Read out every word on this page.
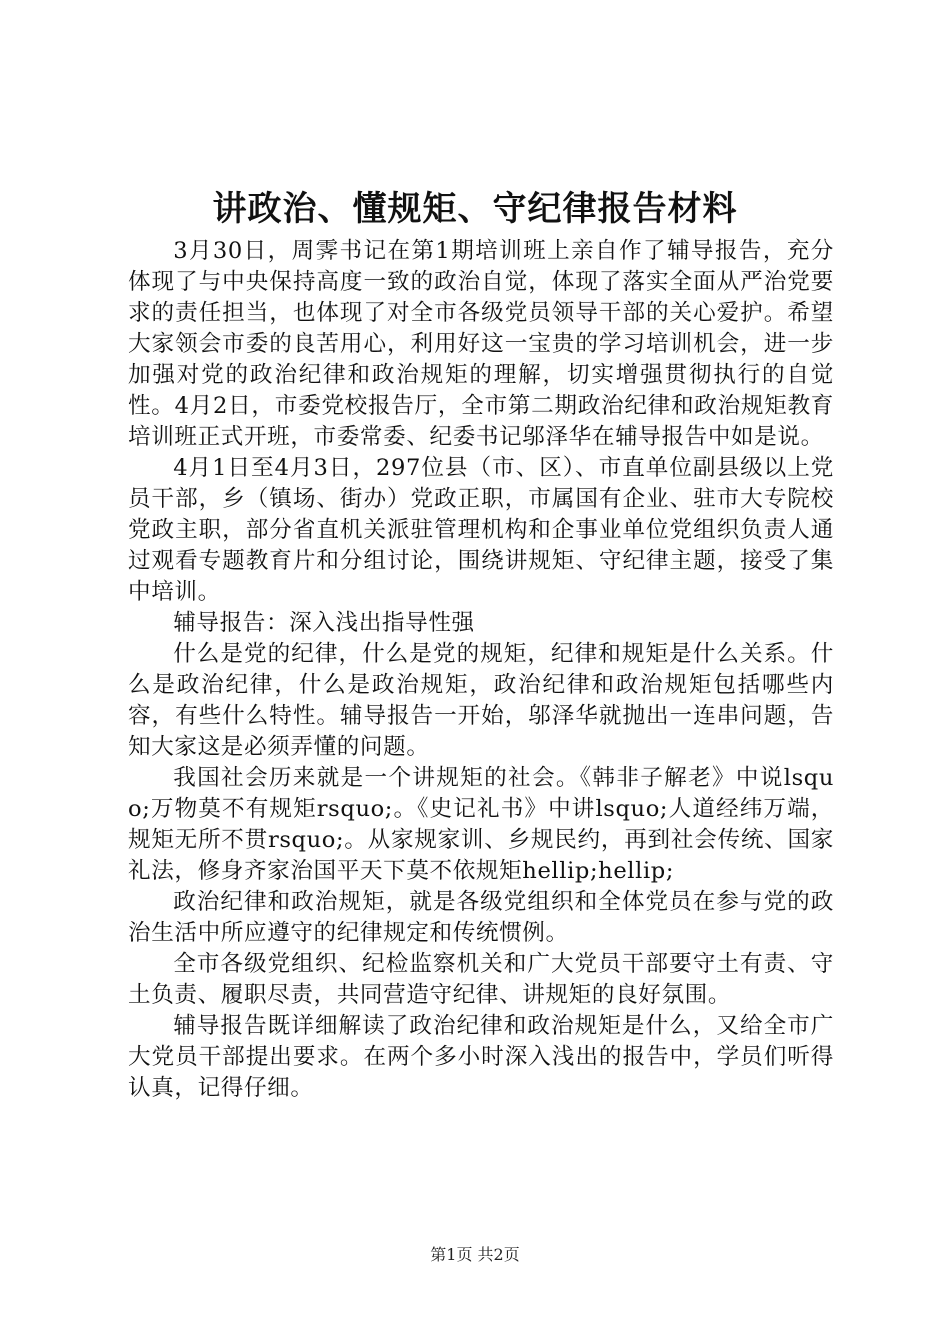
讲政治、懂规矩、守纪律报告材料

3月30日，周霁书记在第1期培训班上亲自作了辅导报告，充分体现了与中央保持高度一致的政治自觉，体现了落实全面从严治党要求的责任担当，也体现了对全市各级党员领导干部的关心爱护。希望大家领会市委的良苦用心，利用好这一宝贵的学习培训机会，进一步加强对党的政治纪律和政治规矩的理解，切实增强贯彻执行的自觉性。4月2日，市委党校报告厅，全市第二期政治纪律和政治规矩教育培训班正式开班，市委常委、纪委书记邬泽华在辅导报告中如是说。

4月1日至4月3日，297位县（市、区）、市直单位副县级以上党员干部，乡（镇场、街办）党政正职，市属国有企业、驻市大专院校党政主职，部分省直机关派驻管理机构和企事业单位党组织负责人通过观看专题教育片和分组讨论，围绕讲规矩、守纪律主题，接受了集中培训。

辅导报告：深入浅出指导性强

什么是党的纪律，什么是党的规矩，纪律和规矩是什么关系。什么是政治纪律，什么是政治规矩，政治纪律和政治规矩包括哪些内容，有些什么特性。辅导报告一开始，邬泽华就抛出一连串问题，告知大家这是必须弄懂的问题。

我国社会历来就是一个讲规矩的社会。《韩非子解老》中说lsquo;万物莫不有规矩rsquo;。《史记礼书》中讲lsquo;人道经纬万端，规矩无所不贯rsquo;。从家规家训、乡规民约，再到社会传统、国家礼法，修身齐家治国平天下莫不依规矩hellip;hellip;

政治纪律和政治规矩，就是各级党组织和全体党员在参与党的政治生活中所应遵守的纪律规定和传统惯例。

全市各级党组织、纪检监察机关和广大党员干部要守土有责、守土负责、履职尽责，共同营造守纪律、讲规矩的良好氛围。

辅导报告既详细解读了政治纪律和政治规矩是什么，又给全市广大党员干部提出要求。在两个多小时深入浅出的报告中，学员们听得认真，记得仔细。

第1页 共2页
